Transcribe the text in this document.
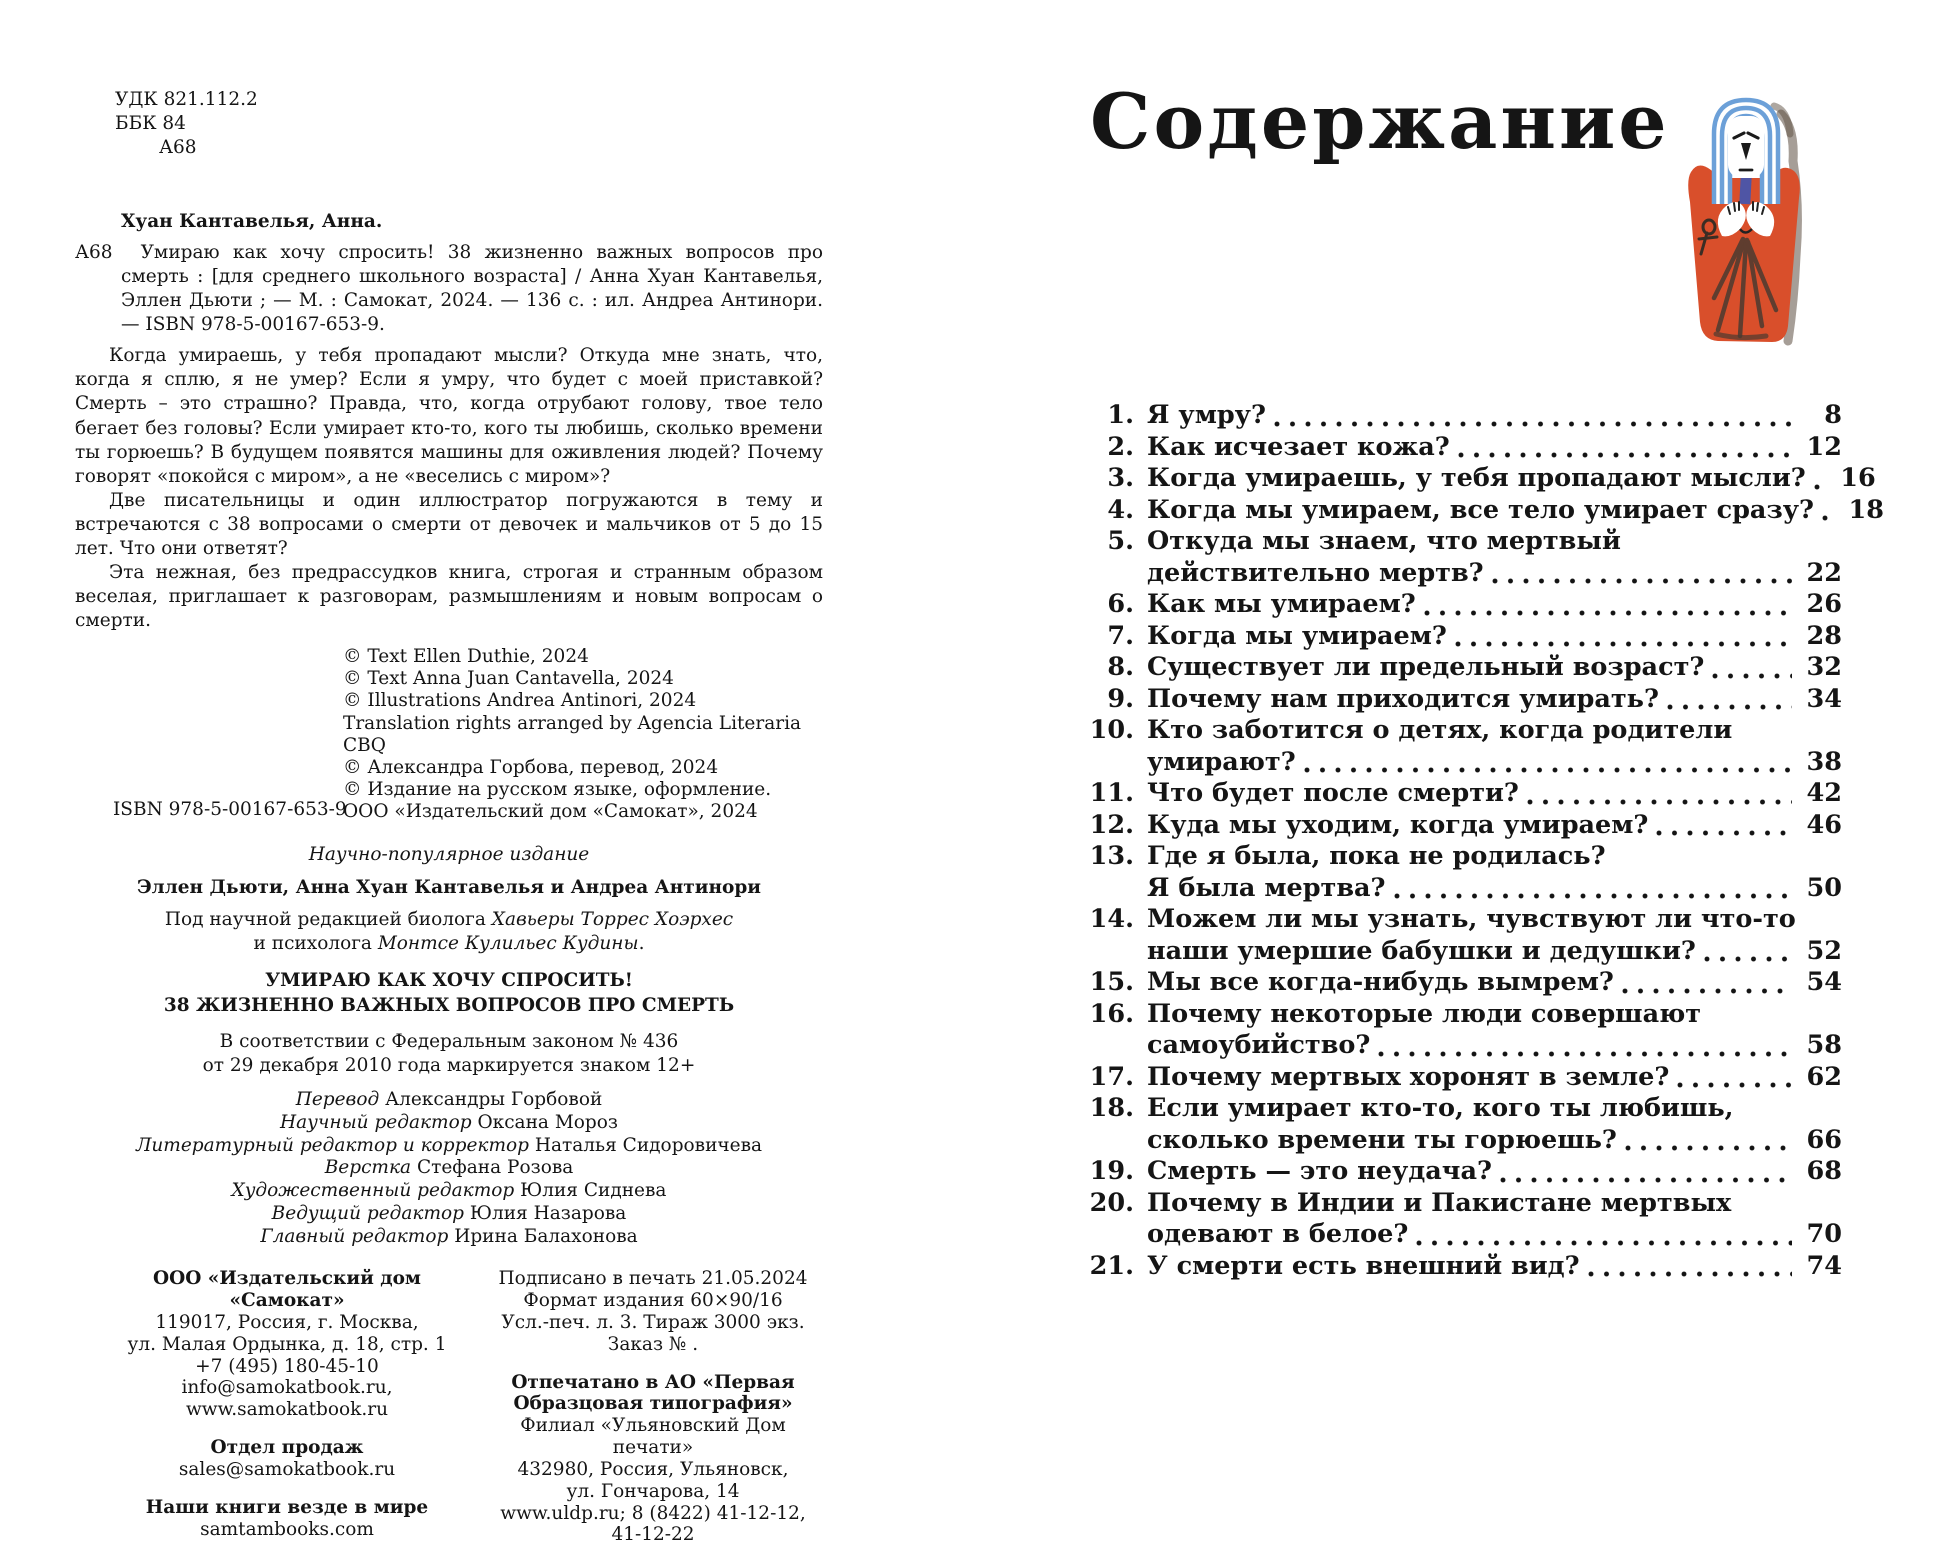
УДК 821.112.2
ББК 84
А68
Хуан Кантавелья, Анна.

А68 Умираю как хочу спросить! 38 жизненно важных вопросов про смерть : [для среднего школьного возраста] / Анна Хуан Кантавелья, Эллен Дьюти ; — М. : Самокат, 2024. — 136 с. : ил. Андреа Антинори. — ISBN 978-5-00167-653-9.

Когда умираешь, у тебя пропадают мысли? Откуда мне знать, что, когда я сплю, я не умер? Если я умру, что будет с моей приставкой? Смерть – это страшно? Правда, что, когда отрубают голову, твое тело бегает без головы? Если умирает кто-то, кого ты любишь, сколько времени ты горюешь? В будущем появятся машины для оживления людей? Почему говорят «покойся с миром», а не «веселись с миром»?

Две писательницы и один иллюстратор погружаются в тему и встречаются с 38 вопросами о смерти от девочек и мальчиков от 5 до 15 лет. Что они ответят?

Эта нежная, без предрассудков книга, строгая и странным образом веселая, приглашает к разговорам, размышлениям и новым вопросам о смерти.

ISBN 978-5-00167-653-9
© Text Ellen Duthie, 2024
© Text Anna Juan Cantavella, 2024
© Illustrations Andrea Antinori, 2024
Translation rights arranged by Agencia Literaria CBQ
© Александра Горбова, перевод, 2024
© Издание на русском языке, оформление.
ООО «Издательский дом «Самокат», 2024
Научно-популярное издание
Эллен Дьюти, Анна Хуан Кантавелья и Андреа Антинори
Под научной редакцией биолога Хавьеры Торрес Хоэрхес
и психолога Монтсе Кулильес Кудины.
УМИРАЮ КАК ХОЧУ СПРОСИТЬ!
38 ЖИЗНЕННО ВАЖНЫХ ВОПРОСОВ ПРО СМЕРТЬ
В соответствии с Федеральным законом № 436
от 29 декабря 2010 года маркируется знаком 12+
Перевод Александры Горбовой
Научный редактор Оксана Мороз
Литературный редактор и корректор Наталья Сидоровичева
Верстка Стефана Розова
Художественный редактор Юлия Сиднева
Ведущий редактор Юлия Назарова
Главный редактор Ирина Балахонова
ООО «Издательский дом «Самокат»
119017, Россия, г. Москва,
ул. Малая Ордынка, д. 18, стр. 1
+7 (495) 180-45-10
info@samokatbook.ru, www.samokatbook.ru
Отдел продаж
sales@samokatbook.ru
Наши книги везде в мире
samtambooks.com
Подписано в печать 21.05.2024
Формат издания 60×90/16
Усл.-печ. л. 3. Тираж 3000 экз. Заказ № .
Отпечатано в АО «Первая
Образцовая типография»
Филиал «Ульяновский Дом печати»
432980, Россия, Ульяновск,
ул. Гончарова, 14
www.uldp.ru; 8 (8422) 41-12-12, 41-12-22
Содержание
1. Я умру?	8
2. Как исчезает кожа?	12
3. Когда умираешь, у тебя пропадают мысли? 16
4. Когда мы умираем, все тело умирает сразу? 18
5. Откуда мы знаем, что мертвый
действительно мертв?	22
6. Как мы умираем?	26
7. Когда мы умираем?	28
8. Существует ли предельный возраст?	32
9. Почему нам приходится умирать?	34
10. Кто заботится о детях, когда родители
умирают?	38
11. Что будет после смерти?	42
12. Куда мы уходим, когда умираем?	46
13. Где я была, пока не родилась?
Я была мертва?	50
14. Можем ли мы узнать, чувствуют ли что-то
наши умершие бабушки и дедушки?	52
15. Мы все когда-нибудь вымрем?	54
16. Почему некоторые люди совершают
самоубийство?	58
17. Почему мертвых хоронят в земле?	62
18. Если умирает кто-то, кого ты любишь,
сколько времени ты горюешь?	66
19. Смерть — это неудача?	68
20. Почему в Индии и Пакистане мертвых
одевают в белое?	70
21. У смерти есть внешний вид?	74
